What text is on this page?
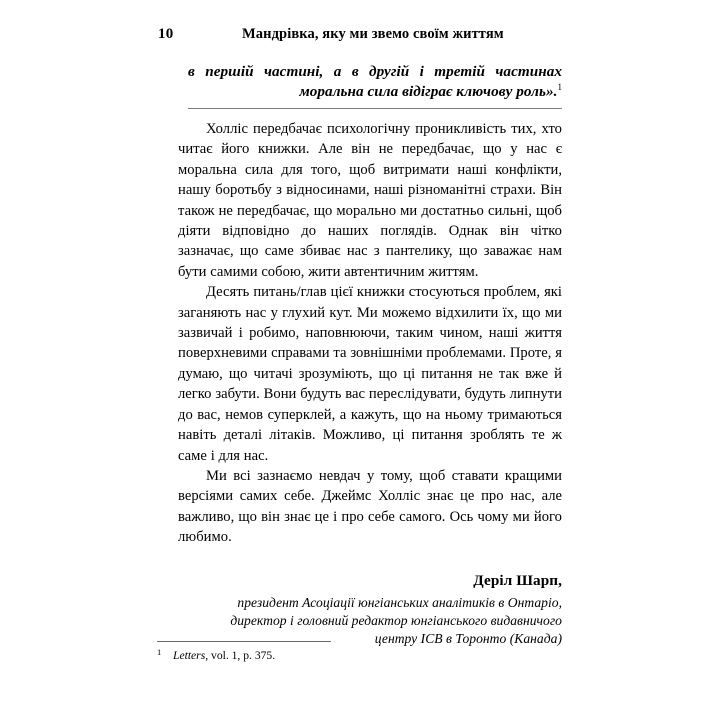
10	Мандрівка, яку ми звемо своїм життям
в першій частині, а в другій і третій частинах моральна сила відіграє ключову роль».$^1$

Холліс передбачає психологічну проникливість тих, хто читає його книжки. Але він не передбачає, що у нас є моральна сила для того, щоб витримати наші конфлікти, нашу боротьбу з відносинами, наші різноманітні страхи. Він також не передбачає, що морально ми достатньо сильні, щоб діяти відповідно до наших поглядів. Однак він чітко зазначає, що саме збиває нас з пантелику, що заважає нам бути самими собою, жити автентичним життям.

Десять питань/глав цієї книжки стосуються проблем, які заганяють нас у глухий кут. Ми можемо відхилити їх, що ми зазвичай і робимо, наповнюючи, таким чином, наші життя поверхневими справами та зовнішніми проблемами. Проте, я думаю, що читачі зрозуміють, що ці питання не так вже й легко забути. Вони будуть вас переслідувати, будуть липнути до вас, немов суперклей, а кажуть, що на ньому тримаються навіть деталі літаків. Можливо, ці питання зроблять те ж саме і для нас.

Ми всі зазнаємо невдач у тому, щоб ставати кращими версіями самих себе. Джеймс Холліс знає це про нас, але важливо, що він знає це і про себе самого. Ось чому ми його любимо.

Деріл Шарп,
президент Асоціації юнгіанських аналітиків в Онтаріо,
директор і головний редактор юнгіанського видавничого
центру ICB в Торонто (Канада)
1	Letters, vol. 1, p. 375.
